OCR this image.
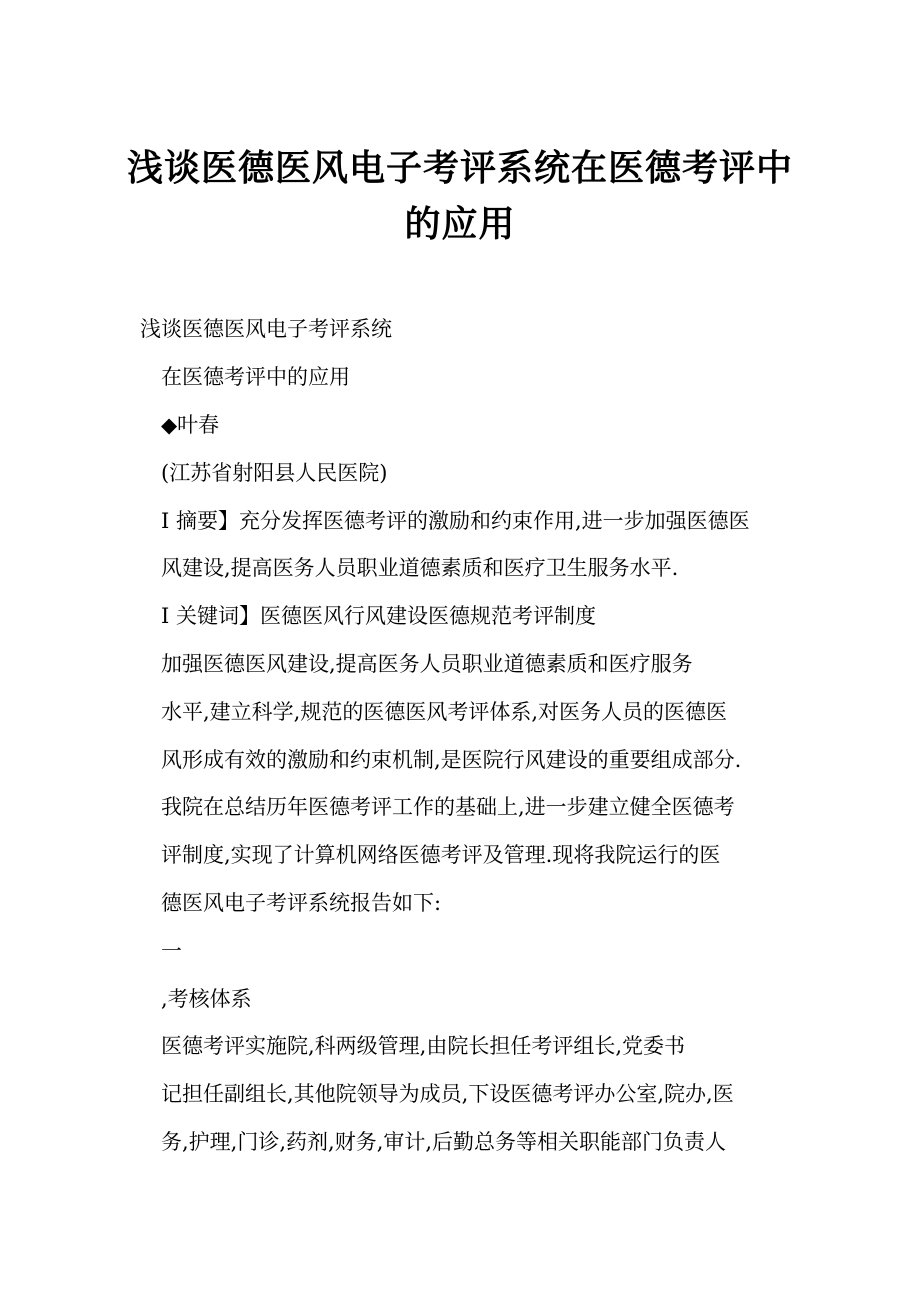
浅谈医德医风电子考评系统在医德考评中
的应用
浅谈医德医风电子考评系统
在医德考评中的应用
◆叶春
(江苏省射阳县人民医院)
I 摘要】充分发挥医德考评的激励和约束作用,进一步加强医德医
风建设,提高医务人员职业道德素质和医疗卫生服务水平.
I 关键词】医德医风行风建设医德规范考评制度
加强医德医风建设,提高医务人员职业道德素质和医疗服务
水平,建立科学,规范的医德医风考评体系,对医务人员的医德医
风形成有效的激励和约束机制,是医院行风建设的重要组成部分.
我院在总结历年医德考评工作的基础上,进一步建立健全医德考
评制度,实现了计算机网络医德考评及管理.现将我院运行的医
德医风电子考评系统报告如下:
一
,考核体系
医德考评实施院,科两级管理,由院长担任考评组长,党委书
记担任副组长,其他院领导为成员,下设医德考评办公室,院办,医
务,护理,门诊,药剂,财务,审计,后勤总务等相关职能部门负责人
